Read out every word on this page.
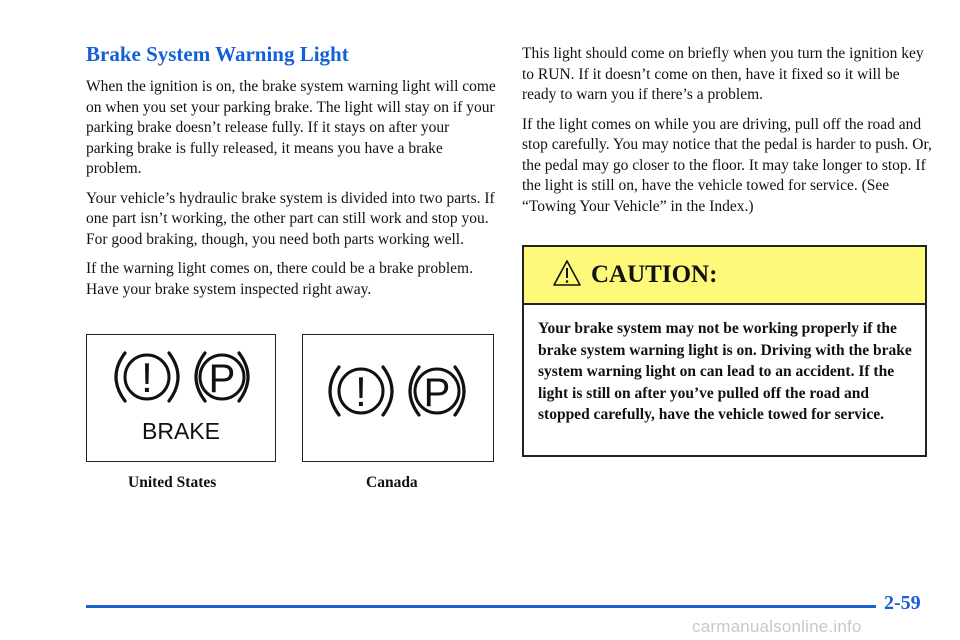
Brake System Warning Light

When the ignition is on, the brake system warning light will come on when you set your parking brake. The light will stay on if your parking brake doesn’t release fully. If it stays on after your parking brake is fully released, it means you have a brake problem.

Your vehicle’s hydraulic brake system is divided into two parts. If one part isn’t working, the other part can still work and stop you. For good braking, though, you need both parts working well.

If the warning light comes on, there could be a brake problem. Have your brake system inspected right away.

This light should come on briefly when you turn the ignition key to RUN. If it doesn’t come on then, have it fixed so it will be ready to warn you if there’s a problem.

If the light comes on while you are driving, pull off the road and stop carefully. You may notice that the pedal is harder to push. Or, the pedal may go closer to the floor. It may take longer to stop. If the light is still on, have the vehicle towed for service. (See “Towing Your Vehicle” in the Index.)

! P
BRAKE
! P
United States	Canada
CAUTION:
Your brake system may not be working properly if the brake system warning light is on. Driving with the brake system warning light on can lead to an accident. If the light is still on after you’ve pulled off the road and stopped carefully, have the vehicle towed for service.
2-59
carmanualsonline.info
